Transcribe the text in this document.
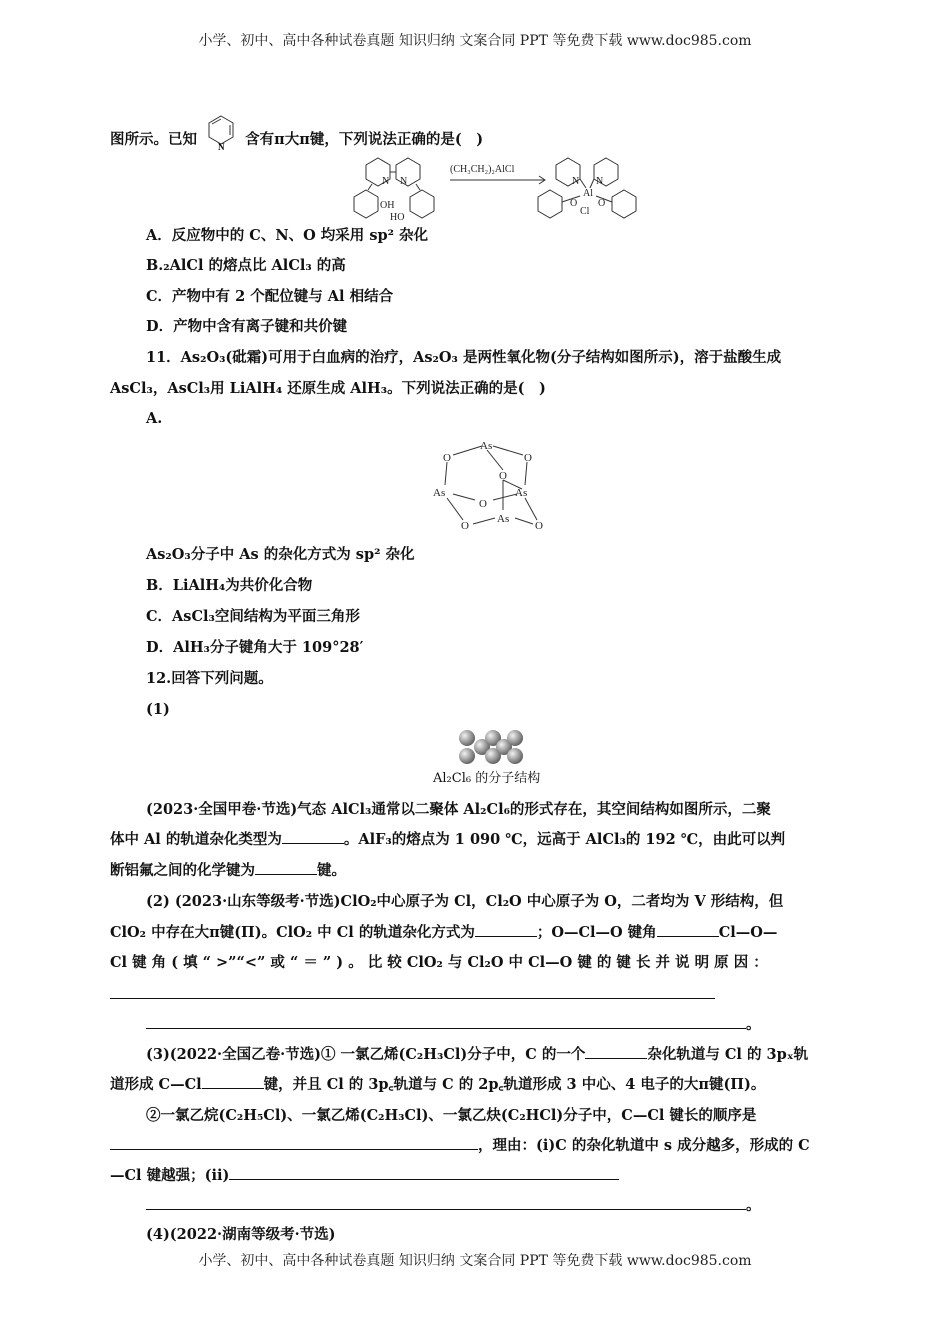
小学、初中、高中各种试卷真题 知识归纳 文案合同 PPT 等免费下载 www.doc985.com
图所示。已知 N 含有π大π键，下列说法正确的是(　)
N N
OH
HO
(CH₃CH₂)₂AlCl
N N
Al
O O
Cl
A．反应物中的 C、N、O 均采用 sp² 杂化
B.₂AlCl 的熔点比 AlCl₃ 的高
C．产物中有 2 个配位键与 Al 相结合
D．产物中含有离子键和共价键
11．As₂O₃(砒霜)可用于白血病的治疗，As₂O₃ 是两性氧化物(分子结构如图所示)，溶于盐酸生成
AsCl₃，AsCl₃用 LiAlH₄ 还原生成 AlH₃。下列说法正确的是(　)
A.
As
O	O
O
As	As
O
O
As
O
As₂O₃分子中 As 的杂化方式为 sp² 杂化
B．LiAlH₄为共价化合物
C．AsCl₃空间结构为平面三角形
D．AlH₃分子键角大于 109°28′
12.回答下列问题。
(1)
Al₂Cl₆ 的分子结构
(2023·全国甲卷·节选)气态 AlCl₃通常以二聚体 Al₂Cl₆的形式存在，其空间结构如图所示，二聚
体中 Al 的轨道杂化类型为	。AlF₃的熔点为 1 090 ℃，远高于 AlCl₃的 192 ℃，由此可以判
断铝氟之间的化学键为	键。
(2) (2023·山东等级考·节选)ClO₂中心原子为 Cl，Cl₂O 中心原子为 O，二者均为 V 形结构，但
ClO₂ 中存在大π键(Π)。ClO₂ 中 Cl 的轨道杂化方式为	；O—Cl—O 键角	Cl—O—
Cl 键 角 ( 填 “ >”“<” 或 “ ＝ ” ) 。 比 较 ClO₂ 与 Cl₂O 中 Cl—O 键 的 键 长 并 说 明 原 因 ：
。
(3)(2022·全国乙卷·节选)① 一氯乙烯(C₂H₃Cl)分子中，C 的一个	杂化轨道与 Cl 的 3pₓ轨
道形成 C—Cl	键，并且 Cl 的 3p꜀轨道与 C 的 2p꜀轨道形成 3 中心、4 电子的大π键(Π)。
②一氯乙烷(C₂H₅Cl)、一氯乙烯(C₂H₃Cl)、一氯乙炔(C₂HCl)分子中，C—Cl 键长的顺序是
，理由：(i)C 的杂化轨道中 s 成分越多，形成的 C
—Cl 键越强；(ii)
。
(4)(2022·湖南等级考·节选)
小学、初中、高中各种试卷真题 知识归纳 文案合同 PPT 等免费下载 www.doc985.com
